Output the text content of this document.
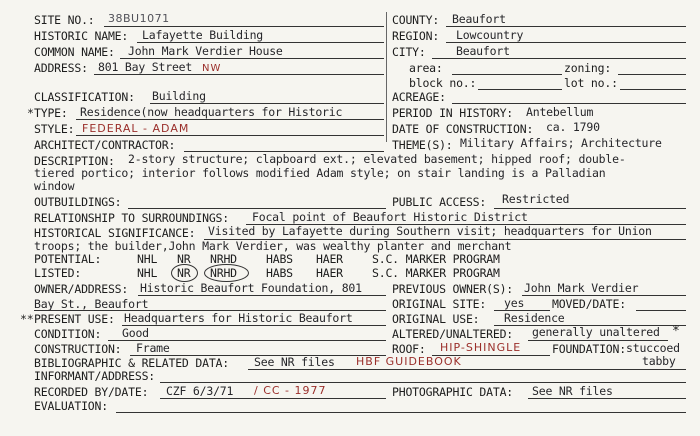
SITE NO.: 38BU1071
HISTORIC NAME: Lafayette Building
COMMON NAME: John Mark Verdier House
ADDRESS: 801 Bay Street NW
CLASSIFICATION: Building
* TYPE: Residence(now headquarters for Historic
STYLE: FEDERAL - ADAM
ARCHITECT/CONTRACTOR:
COUNTY: Beaufort
REGION: Lowcountry
CITY:	Beaufort
area:	zoning:
block no.:	lot no.:
ACREAGE:
PERIOD IN HISTORY: Antebellum
DATE OF CONSTRUCTION: ca. 1790
THEME(S): Military Affairs; Architecture
DESCRIPTION: 2-story structure; clapboard ext.; elevated basement; hipped roof; double-
tiered portico; interior follows modified Adam style; on stair landing is a Palladian
window
OUTBUILDINGS:	PUBLIC ACCESS: Restricted
RELATIONSHIP TO SURROUNDINGS: Focal point of Beaufort Historic District
HISTORICAL SIGNIFICANCE: Visited by Lafayette during Southern visit; headquarters for Union
troops; the builder,John Mark Verdier, was wealthy planter and merchant
POTENTIAL:	NHL NR NRHD	HABS HAER	S.C. MARKER PROGRAM
LISTED:	NHL NR NRHD	HABS HAER	S.C. MARKER PROGRAM
OWNER/ADDRESS: Historic Beaufort Foundation, 801
Bay St., Beaufort
PREVIOUS OWNER(S): John Mark Verdier
ORIGINAL SITE: yes MOVED/DATE:
** PRESENT USE: Headquarters for Historic Beaufort	ORIGINAL USE: Residence
CONDITION: Good	ALTERED/UNALTERED: generally unaltered *
CONSTRUCTION: Frame	ROOF: HIP-SHINGLE	FOUNDATION: stuccoed
tabby
BIBLIOGRAPHIC & RELATED DATA: See NR files HBF GUIDEBOOK
INFORMANT/ADDRESS:
RECORDED BY/DATE: CZF 6/3/71 / CC - 1977	PHOTOGRAPHIC DATA: See NR files
EVALUATION:
